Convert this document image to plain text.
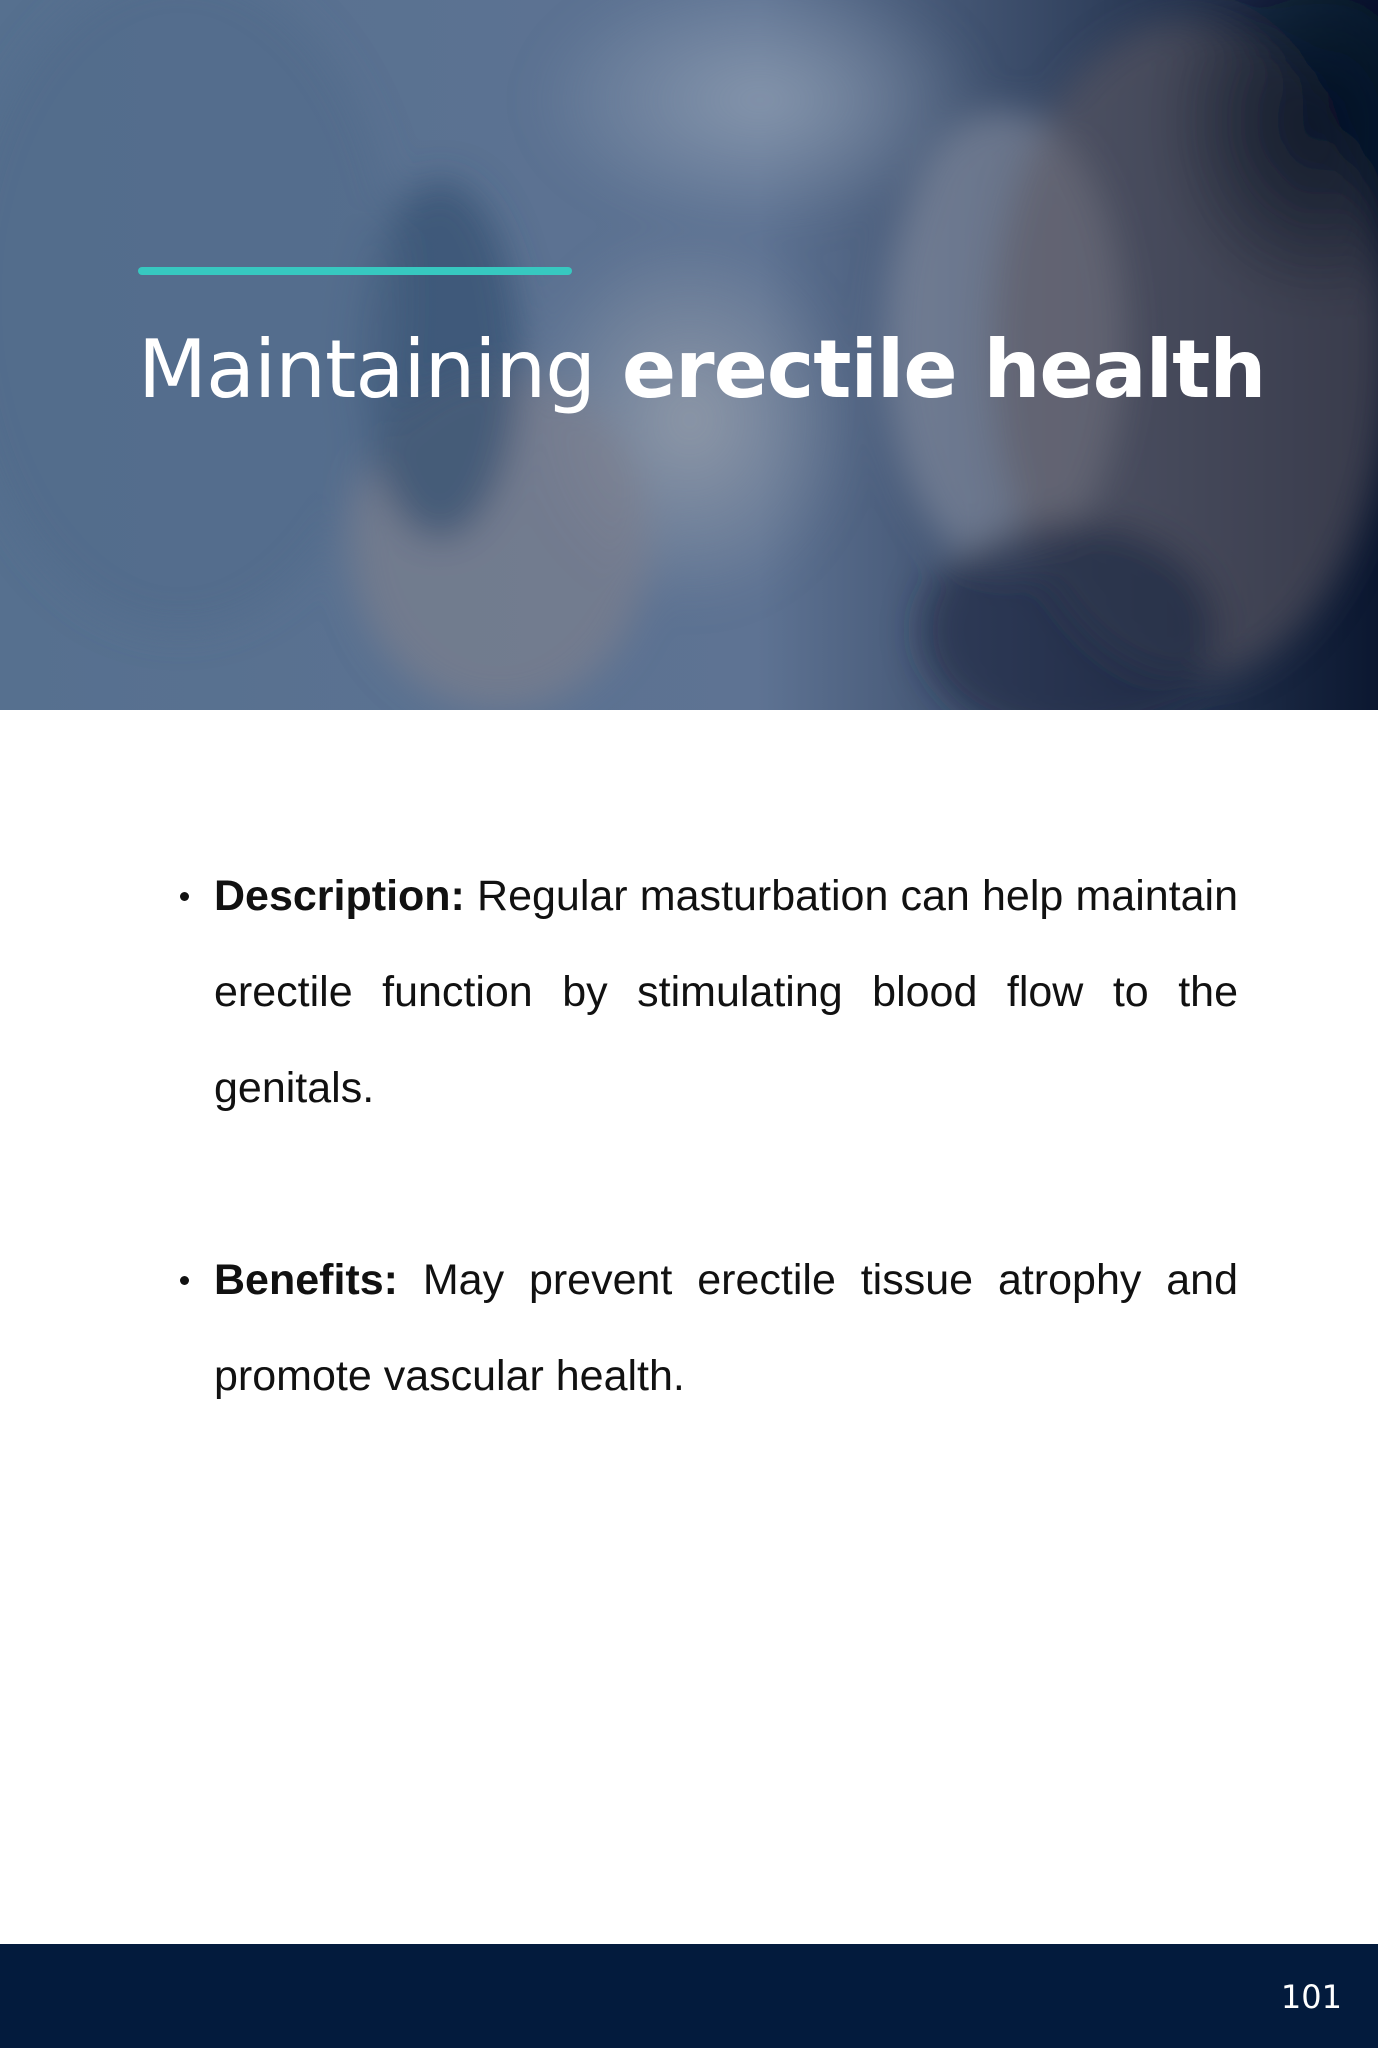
Maintaining erectile health
Description: Regular masturbation can help maintain erectile function by stimulating blood flow to the genitals.
Benefits: May prevent erectile tissue atrophy and promote vascular health.
101
